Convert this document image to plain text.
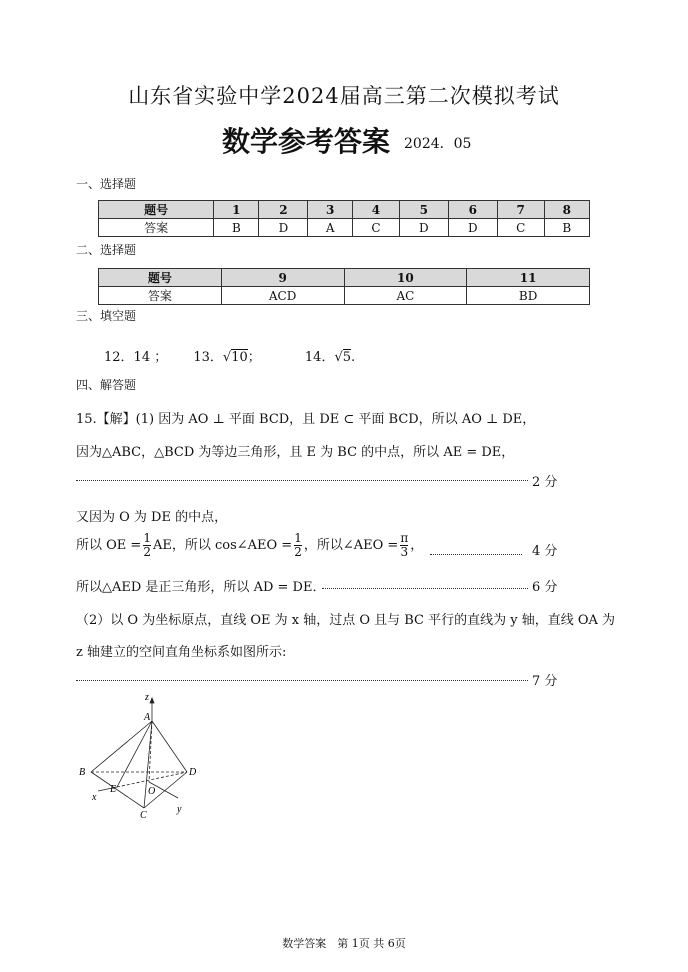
山东省实验中学2024届高三第二次模拟考试
数学参考答案 2024．05
一、选择题
题号	1	2	3	4	5	6	7	8
答案	B	D	A	C	D	D	C	B
二、选择题
题号	9	10	11
答案	ACD	AC	BD
三、填空题
12．14 ； 13．√10；	14．√5.
四、解答题
15.【解】(1) 因为 AO ⊥ 平面 BCD，且 DE ⊂ 平面 BCD，所以 AO ⊥ DE，
因为△ABC，△BCD 为等边三角形，且 E 为 BC 的中点，所以 AE = DE，
2 分
又因为 O 为 DE 的中点，
所以 OE = $\frac{1}{2}$ AE，所以 cos∠AEO = $\frac{1}{2}$ ，所以∠AEO = $\frac{\pi}{3}$ ，	4 分
所以△AED 是正三角形，所以 AD = DE．	6 分
（2）以 O 为坐标原点，直线 OE 为 x 轴，过点 O 且与 BC 平行的直线为 y 轴，直线 OA 为
z 轴建立的空间直角坐标系如图所示:
7 分
z
A
B	D
E	O
C
x
y
数学答案　第 1页 共 6页
